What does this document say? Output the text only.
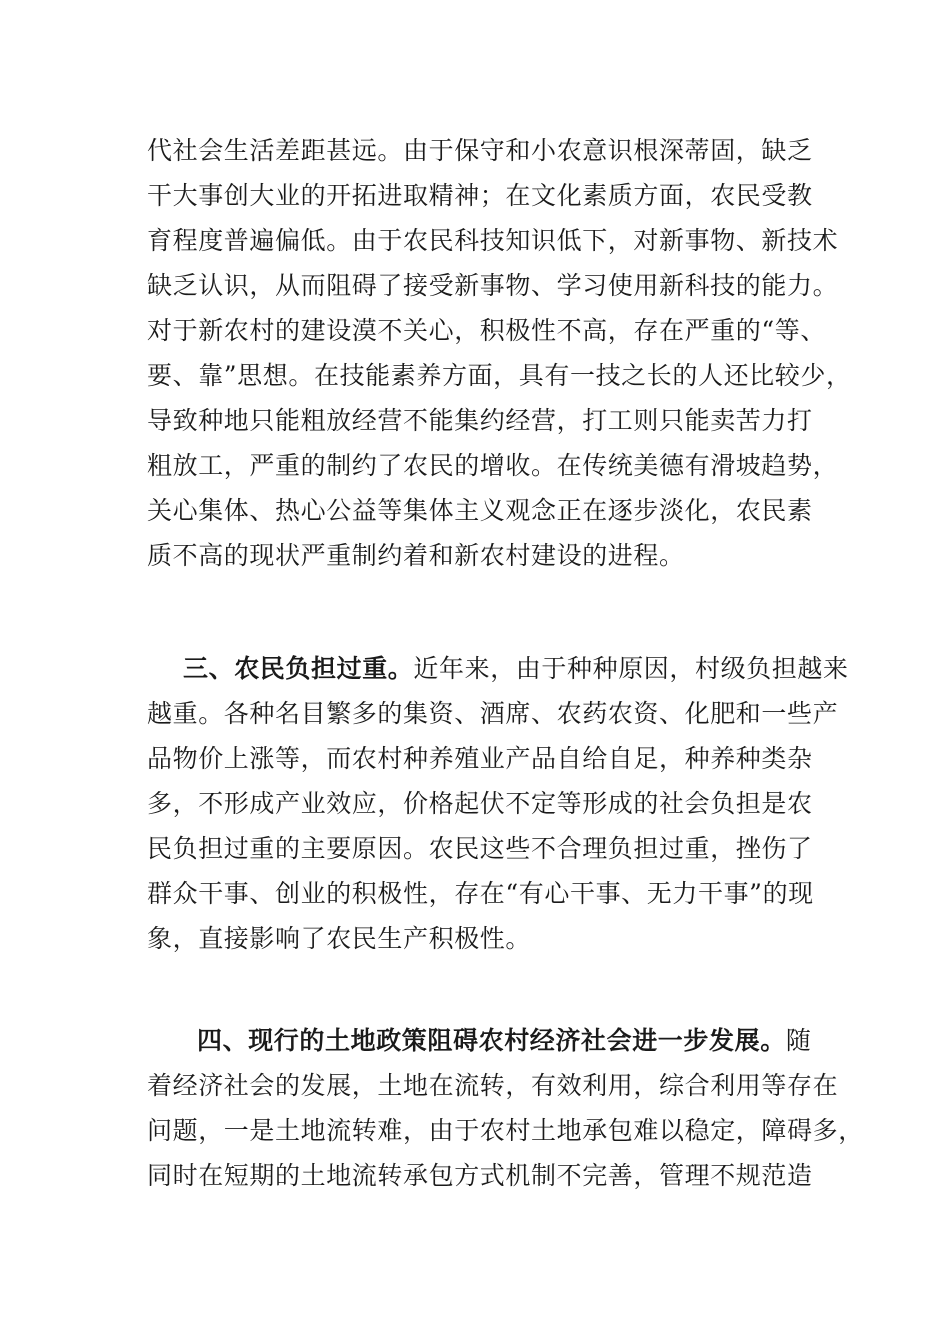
代社会生活差距甚远。由于保守和小农意识根深蒂固，缺乏
干大事创大业的开拓进取精神；在文化素质方面，农民受教
育程度普遍偏低。由于农民科技知识低下，对新事物、新技术
缺乏认识，从而阻碍了接受新事物、学习使用新科技的能力。
对于新农村的建设漠不关心，积极性不高，存在严重的“等、
要、靠”思想。在技能素养方面，具有一技之长的人还比较少，
导致种地只能粗放经营不能集约经营，打工则只能卖苦力打
粗放工，严重的制约了农民的增收。在传统美德有滑坡趋势，
关心集体、热心公益等集体主义观念正在逐步淡化，农民素
质不高的现状严重制约着和新农村建设的进程。
三、农民负担过重。近年来，由于种种原因，村级负担越来
越重。各种名目繁多的集资、酒席、农药农资、化肥和一些产
品物价上涨等，而农村种养殖业产品自给自足，种养种类杂
多，不形成产业效应，价格起伏不定等形成的社会负担是农
民负担过重的主要原因。农民这些不合理负担过重，挫伤了
群众干事、创业的积极性，存在“有心干事、无力干事”的现
象，直接影响了农民生产积极性。
四、现行的土地政策阻碍农村经济社会进一步发展。随
着经济社会的发展，土地在流转，有效利用，综合利用等存在
问题，一是土地流转难，由于农村土地承包难以稳定，障碍多，
同时在短期的土地流转承包方式机制不完善，管理不规范造
